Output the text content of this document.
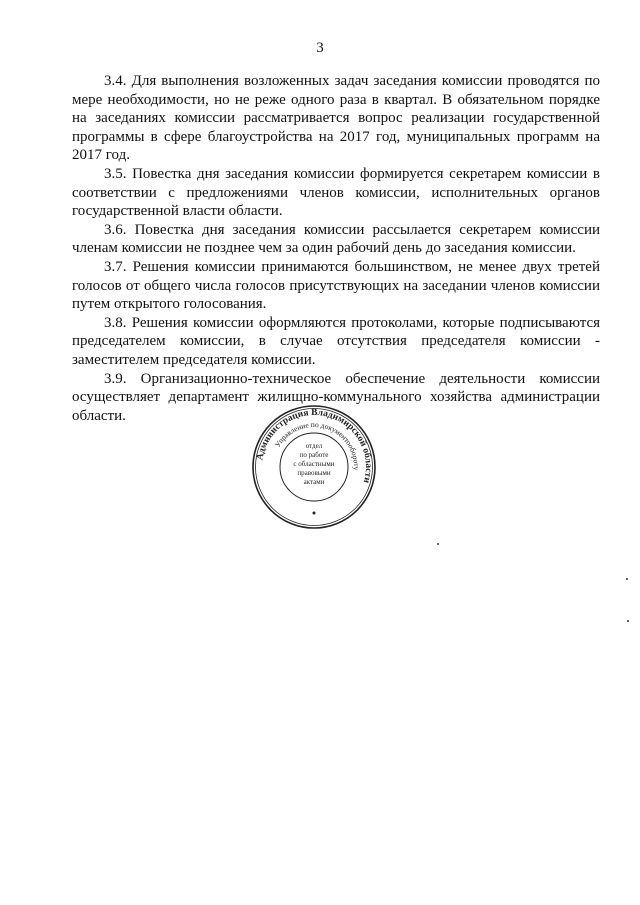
3

3.4. Для выполнения возложенных задач заседания комиссии проводятся по мере необходимости, но не реже одного раза в квартал. В обязательном порядке на заседаниях комиссии рассматривается вопрос реализации государственной программы в сфере благоустройства на 2017 год, муниципальных программ на 2017 год.

3.5. Повестка дня заседания комиссии формируется секретарем комиссии в соответствии с предложениями членов комиссии, исполнительных органов государственной власти области.

3.6. Повестка дня заседания комиссии рассылается секретарем комиссии членам комиссии не позднее чем за один рабочий день до заседания комиссии.

3.7. Решения комиссии принимаются большинством, не менее двух третей голосов от общего числа голосов присутствующих на заседании членов комиссии путем открытого голосования.

3.8. Решения комиссии оформляются протоколами, которые подписываются председателем комиссии, в случае отсутствия председателя комиссии - заместителем председателя комиссии.

3.9. Организационно-техническое обеспечение деятельности комиссии осуществляет департамент жилищно-коммунального хозяйства администрации области.

Администрация Владимирской области
Управление по документообороту
отдел
по работе
с областными
правовыми
актами
